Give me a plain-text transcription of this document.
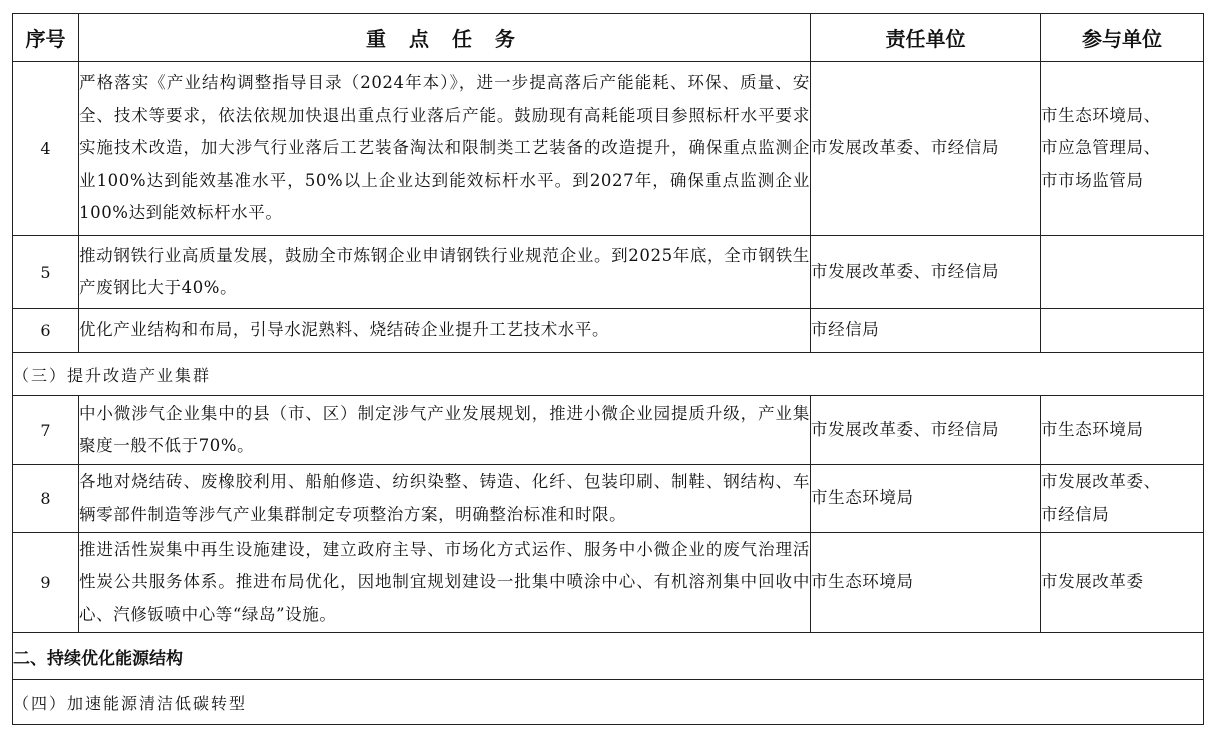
序号	重 点 任 务	责任单位	参与单位
4	严格落实《产业结构调整指导目录（2024年本）》，进一步提高落后产能能耗、环保、质量、安全、技术等要求，依法依规加快退出重点行业落后产能。鼓励现有高耗能项目参照标杆水平要求实施技术改造，加大涉气行业落后工艺装备淘汰和限制类工艺装备的改造提升，确保重点监测企业100%达到能效基准水平，50%以上企业达到能效标杆水平。到2027年，确保重点监测企业100%达到能效标杆水平。	市发展改革委、市经信局	市生态环境局、
市应急管理局、
市市场监管局

5	推动钢铁行业高质量发展，鼓励全市炼钢企业申请钢铁行业规范企业。到2025年底，全市钢铁生产废钢比大于40%。	市发展改革委、市经信局	
6	优化产业结构和布局，引导水泥熟料、烧结砖企业提升工艺技术水平。	市经信局	
（三）提升改造产业集群			
7	中小微涉气企业集中的县（市、区）制定涉气产业发展规划，推进小微企业园提质升级，产业集聚度一般不低于70%。	市发展改革委、市经信局	市生态环境局

8	各地对烧结砖、废橡胶利用、船舶修造、纺织染整、铸造、化纤、包装印刷、制鞋、钢结构、车辆零部件制造等涉气产业集群制定专项整治方案，明确整治标准和时限。	市生态环境局	市发展改革委、
市经信局

9	推进活性炭集中再生设施建设，建立政府主导、市场化方式运作、服务中小微企业的废气治理活性炭公共服务体系。推进布局优化，因地制宜规划建设一批集中喷涂中心、有机溶剂集中回收中心、汽修钣喷中心等“绿岛”设施。	市生态环境局	市发展改革委

二、持续优化能源结构			
（四）加速能源清洁低碳转型			
